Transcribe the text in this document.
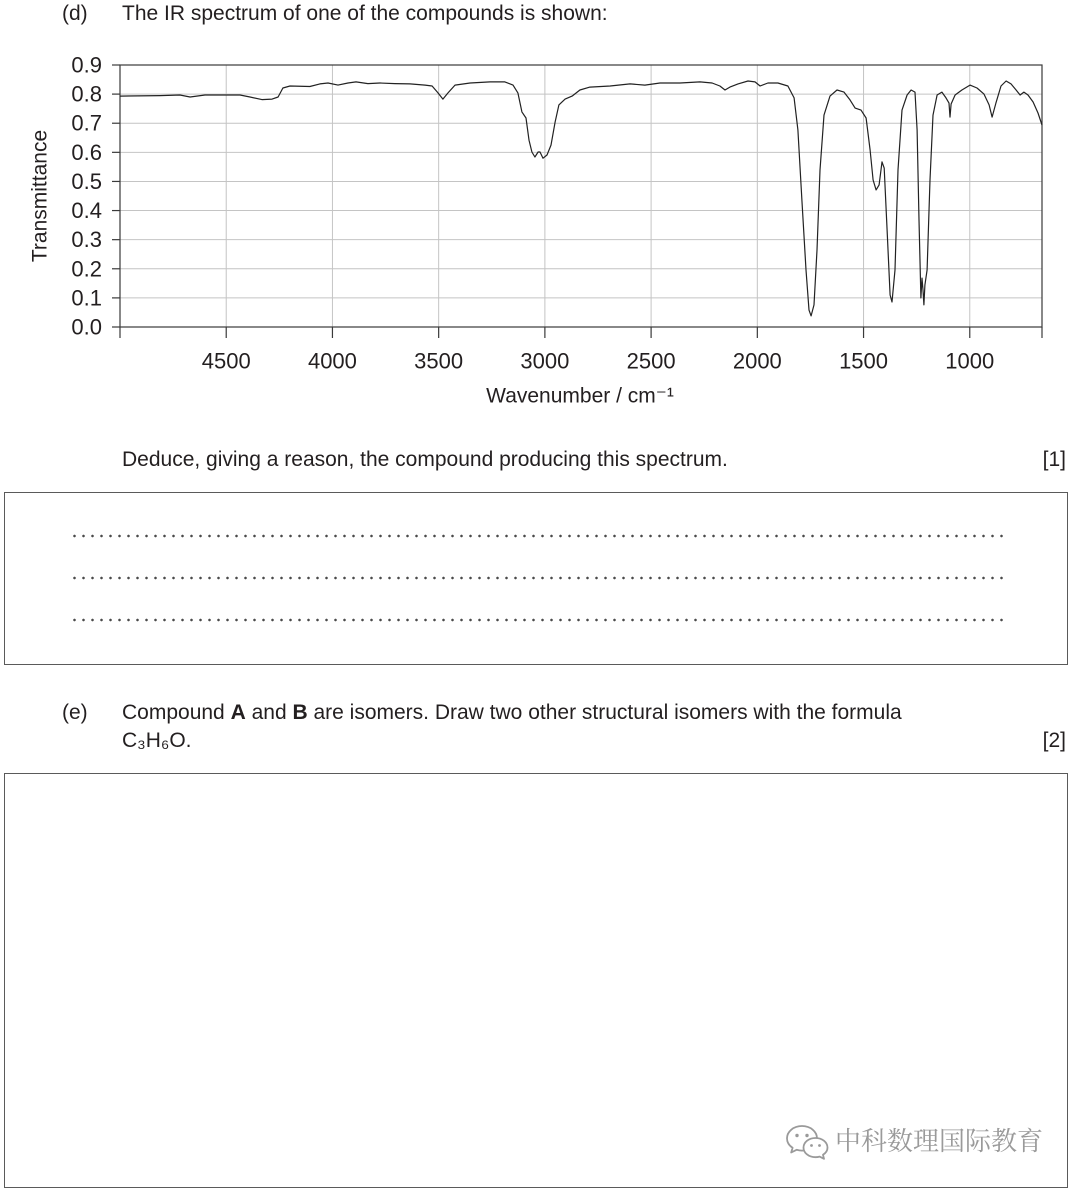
(d) The IR spectrum of one of the compounds is shown:
Transmittance
Wavenumber / cm⁻¹
0.9
0.8
0.7
0.6
0.5
0.4
0.3
0.2
0.1
0.0
4500	4000	3500	3000	2500	2000	1500	1000
Deduce, giving a reason, the compound producing this spectrum.	[1]
(e) Compound A and B are isomers. Draw two other structural isomers with the formula
C₃H₆O.	[2]
中科数理国际教育
